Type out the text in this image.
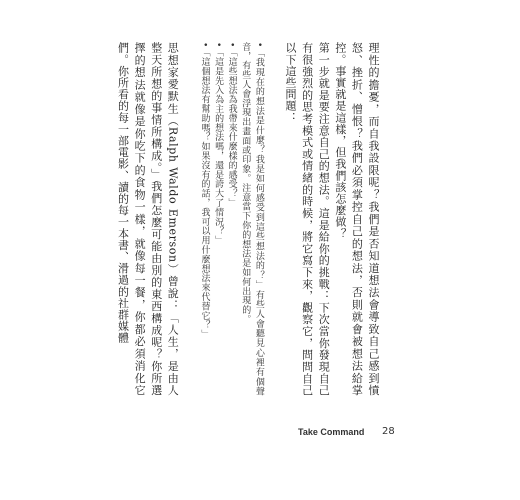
理性的擔憂，而自我設限呢？我們是否知道想法會導致自己感到憤怒、挫折、憎恨？我們必須掌控自己的想法，否則就會被想法給掌控。事實就是這樣，但我們該怎麼做？

第一步就是要注意自己的想法。這是給你的挑戰：下次當你發現自己有很強烈的思考模式或情緒的時候，將它寫下來，觀察它，問問自己以下這些問題：

•「我現在的想法是什麼？我是如何感受到這些想法的？」有些人會聽見心裡有個聲音，有些人會浮現出畫面或印象。注意當下你的想法是如何出現的。

•「這些想法為我帶來什麼樣的感受？」

•「這是先入為主的想法嗎，還是誇大了情況？」

•「這個想法有幫助嗎？如果沒有的話，我可以用什麼想法來代替它？」

思想家愛默生（Ralph Waldo Emerson）曾說：「人生，是由人整天所想的事情所構成。」我們怎麼可能由別的東西構成呢？你所選擇的想法就像是你吃下的食物一樣，就像每一餐，你都必須消化它們。你所看的每一部電影、讀的每一本書、滑過的社群媒體

Take Command 28
